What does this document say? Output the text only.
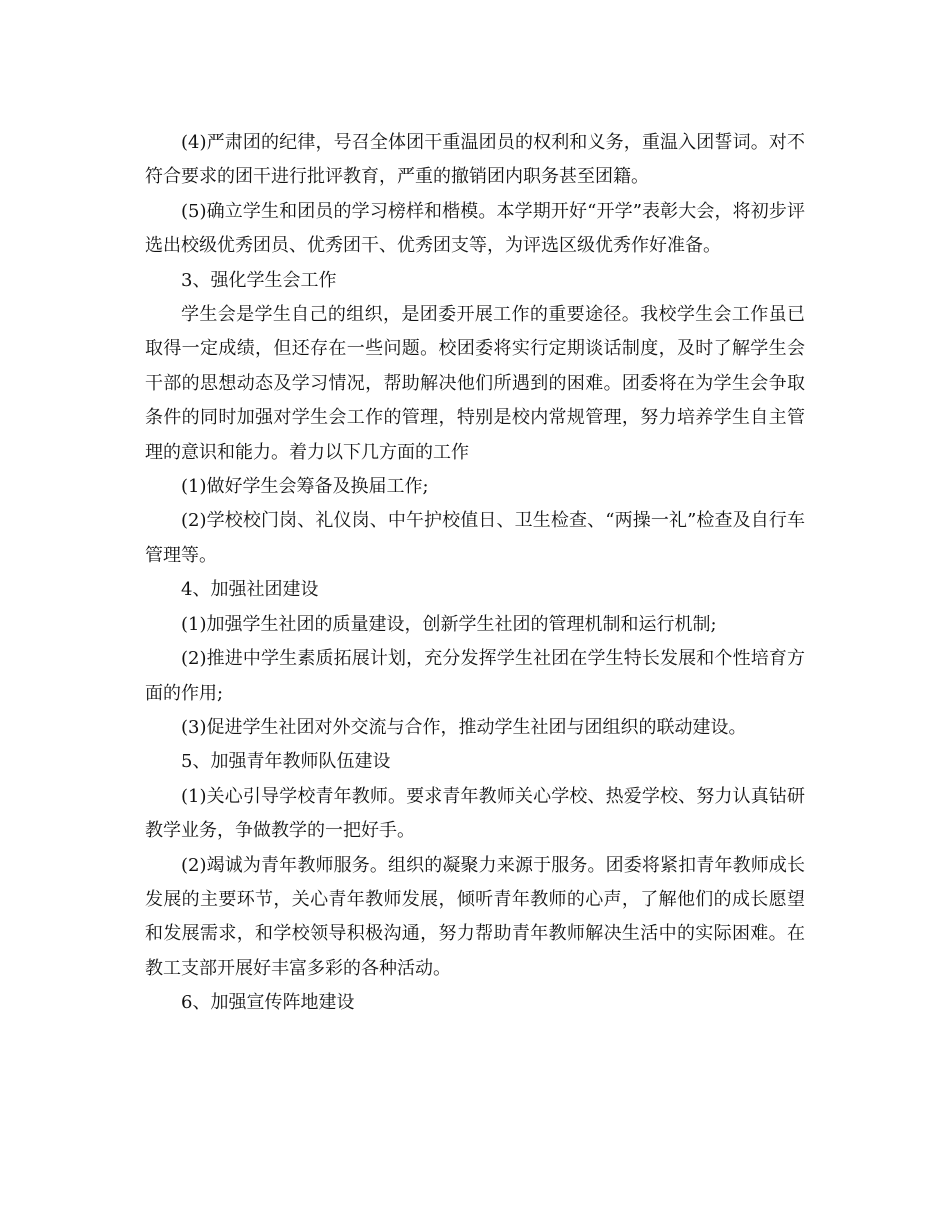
(4)严肃团的纪律，号召全体团干重温团员的权利和义务，重温入团誓词。对不符合要求的团干进行批评教育，严重的撤销团内职务甚至团籍。

(5)确立学生和团员的学习榜样和楷模。本学期开好“开学”表彰大会，将初步评选出校级优秀团员、优秀团干、优秀团支等，为评选区级优秀作好准备。

3、强化学生会工作

学生会是学生自己的组织，是团委开展工作的重要途径。我校学生会工作虽已取得一定成绩，但还存在一些问题。校团委将实行定期谈话制度，及时了解学生会干部的思想动态及学习情况，帮助解决他们所遇到的困难。团委将在为学生会争取条件的同时加强对学生会工作的管理，特别是校内常规管理，努力培养学生自主管理的意识和能力。着力以下几方面的工作

(1)做好学生会筹备及换届工作;

(2)学校校门岗、礼仪岗、中午护校值日、卫生检查、“两操一礼”检查及自行车管理等。

4、加强社团建设

(1)加强学生社团的质量建设，创新学生社团的管理机制和运行机制;

(2)推进中学生素质拓展计划，充分发挥学生社团在学生特长发展和个性培育方面的作用;

(3)促进学生社团对外交流与合作，推动学生社团与团组织的联动建设。

5、加强青年教师队伍建设

(1)关心引导学校青年教师。要求青年教师关心学校、热爱学校、努力认真钻研教学业务，争做教学的一把好手。

(2)竭诚为青年教师服务。组织的凝聚力来源于服务。团委将紧扣青年教师成长发展的主要环节，关心青年教师发展，倾听青年教师的心声，了解他们的成长愿望和发展需求，和学校领导积极沟通，努力帮助青年教师解决生活中的实际困难。在教工支部开展好丰富多彩的各种活动。

6、加强宣传阵地建设
